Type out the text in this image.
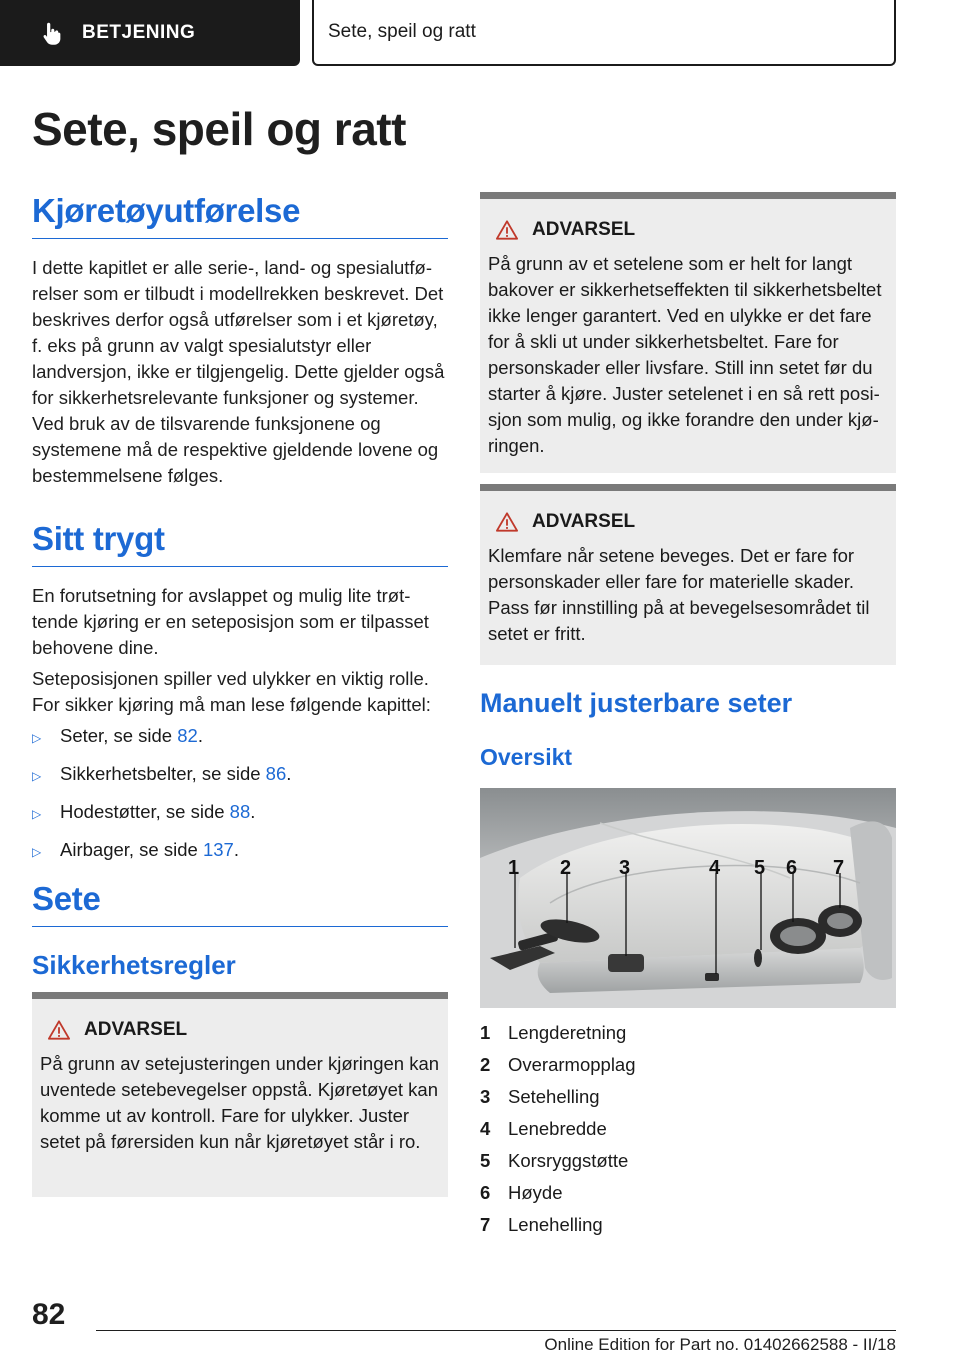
BETJENING	Sete, speil og ratt
Sete, speil og ratt
Kjøretøyutførelse

I dette kapitlet er alle serie-, land- og spesialutførelser som er tilbudt i modellrekken beskrevet. Det beskrives derfor også utførelser som i et kjøretøy, f. eks på grunn av valgt spesialutstyr eller landversjon, ikke er tilgjengelig. Dette gjelder også for sikkerhetsrelevante funksjoner og systemer. Ved bruk av de tilsvarende funksjonene og systemene må de respektive gjeldende lovene og bestemmelsene følges.

Sitt trygt

En forutsetning for avslappet og mulig lite trøttende kjøring er en seteposisjon som er tilpasset behovene dine.

Seteposisjonen spiller ved ulykker en viktig rolle. For sikker kjøring må man lese følgende kapittel:

▷	Seter, se side 82.
▷	Sikkerhetsbelter, se side 86.
▷	Hodestøtter, se side 88.
▷	Airbager, se side 137.
Sete
Sikkerhetsregler
ADVARSEL

På grunn av setejusteringen under kjøringen kan uventede setebevegelser oppstå. Kjøretøyet kan komme ut av kontroll. Fare for ulykker. Juster setet på førersiden kun når kjøretøyet står i ro.

ADVARSEL

På grunn av et setelene som er helt for langt bakover er sikkerhetseffekten til sikkerhetsbeltet ikke lenger garantert. Ved en ulykke er det fare for å skli ut under sikkerhetsbeltet. Fare for personskader eller livsfare. Still inn setet før du starter å kjøre. Juster setelenet i en så rett posisjon som mulig, og ikke forandre den under kjøringen.

ADVARSEL

Klemfare når setene beveges. Det er fare for personskader eller fare for materielle skader. Pass før innstilling på at bevegelsesområdet til setet er fritt.

Manuelt justerbare seter
Oversikt
1 2 3	4 5 6 7
1 Lengderetning
2 Overarmopplag
3 Setehelling
4 Lenebredde
5 Korsryggstøtte
6 Høyde
7 Lenehelling
82
Online Edition for Part no. 01402662588 - II/18
